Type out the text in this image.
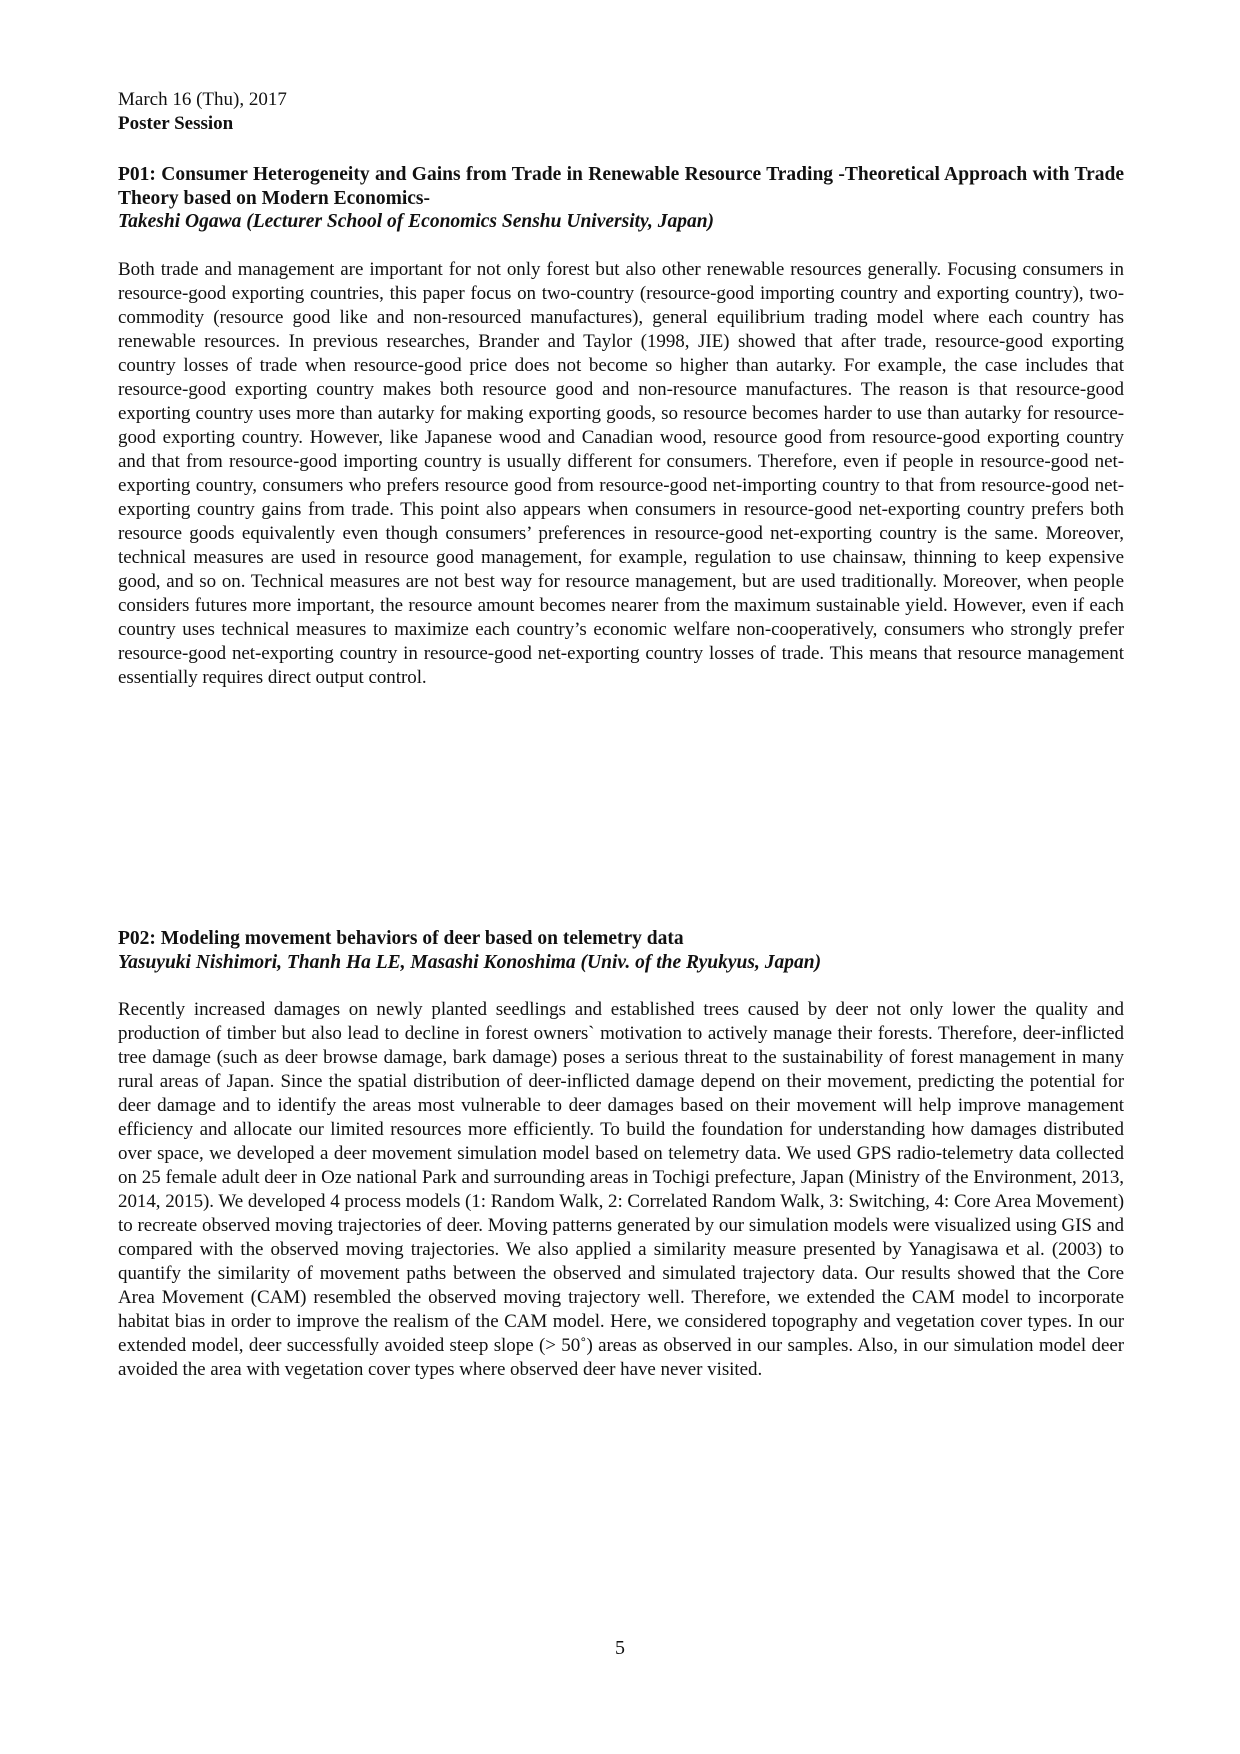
March 16 (Thu), 2017
Poster Session

P01: Consumer Heterogeneity and Gains from Trade in Renewable Resource Trading -Theoretical Approach with Trade Theory based on Modern Economics-

Takeshi Ogawa (Lecturer School of Economics Senshu University, Japan)

Both trade and management are important for not only forest but also other renewable resources generally. Focusing consumers in resource-good exporting countries, this paper focus on two-country (resource-good importing country and exporting country), two-commodity (resource good like and non-resourced manufactures), general equilibrium trading model where each country has renewable resources. In previous researches, Brander and Taylor (1998, JIE) showed that after trade, resource-good exporting country losses of trade when resource-good price does not become so higher than autarky. For example, the case includes that resource-good exporting country makes both resource good and non-resource manufactures. The reason is that resource-good exporting country uses more than autarky for making exporting goods, so resource becomes harder to use than autarky for resource-good exporting country. However, like Japanese wood and Canadian wood, resource good from resource-good exporting country and that from resource-good importing country is usually different for consumers. Therefore, even if people in resource-good net-exporting country, consumers who prefers resource good from resource-good net-importing country to that from resource-good net-exporting country gains from trade. This point also appears when consumers in resource-good net-exporting country prefers both resource goods equivalently even though consumers’ preferences in resource-good net-exporting country is the same. Moreover, technical measures are used in resource good management, for example, regulation to use chainsaw, thinning to keep expensive good, and so on. Technical measures are not best way for resource management, but are used traditionally. Moreover, when people considers futures more important, the resource amount becomes nearer from the maximum sustainable yield. However, even if each country uses technical measures to maximize each country’s economic welfare non-cooperatively, consumers who strongly prefer resource-good net-exporting country in resource-good net-exporting country losses of trade. This means that resource management essentially requires direct output control.

P02: Modeling movement behaviors of deer based on telemetry data

Yasuyuki Nishimori, Thanh Ha LE, Masashi Konoshima (Univ. of the Ryukyus, Japan)

Recently increased damages on newly planted seedlings and established trees caused by deer not only lower the quality and production of timber but also lead to decline in forest owners` motivation to actively manage their forests. Therefore, deer-inflicted tree damage (such as deer browse damage, bark damage) poses a serious threat to the sustainability of forest management in many rural areas of Japan. Since the spatial distribution of deer-inflicted damage depend on their movement, predicting the potential for deer damage and to identify the areas most vulnerable to deer damages based on their movement will help improve management efficiency and allocate our limited resources more efficiently. To build the foundation for understanding how damages distributed over space, we developed a deer movement simulation model based on telemetry data. We used GPS radio-telemetry data collected on 25 female adult deer in Oze national Park and surrounding areas in Tochigi prefecture, Japan (Ministry of the Environment, 2013, 2014, 2015). We developed 4 process models (1: Random Walk, 2: Correlated Random Walk, 3: Switching, 4: Core Area Movement) to recreate observed moving trajectories of deer. Moving patterns generated by our simulation models were visualized using GIS and compared with the observed moving trajectories. We also applied a similarity measure presented by Yanagisawa et al. (2003) to quantify the similarity of movement paths between the observed and simulated trajectory data. Our results showed that the Core Area Movement (CAM) resembled the observed moving trajectory well. Therefore, we extended the CAM model to incorporate habitat bias in order to improve the realism of the CAM model. Here, we considered topography and vegetation cover types. In our extended model, deer successfully avoided steep slope (> 50˚) areas as observed in our samples. Also, in our simulation model deer avoided the area with vegetation cover types where observed deer have never visited.

5
